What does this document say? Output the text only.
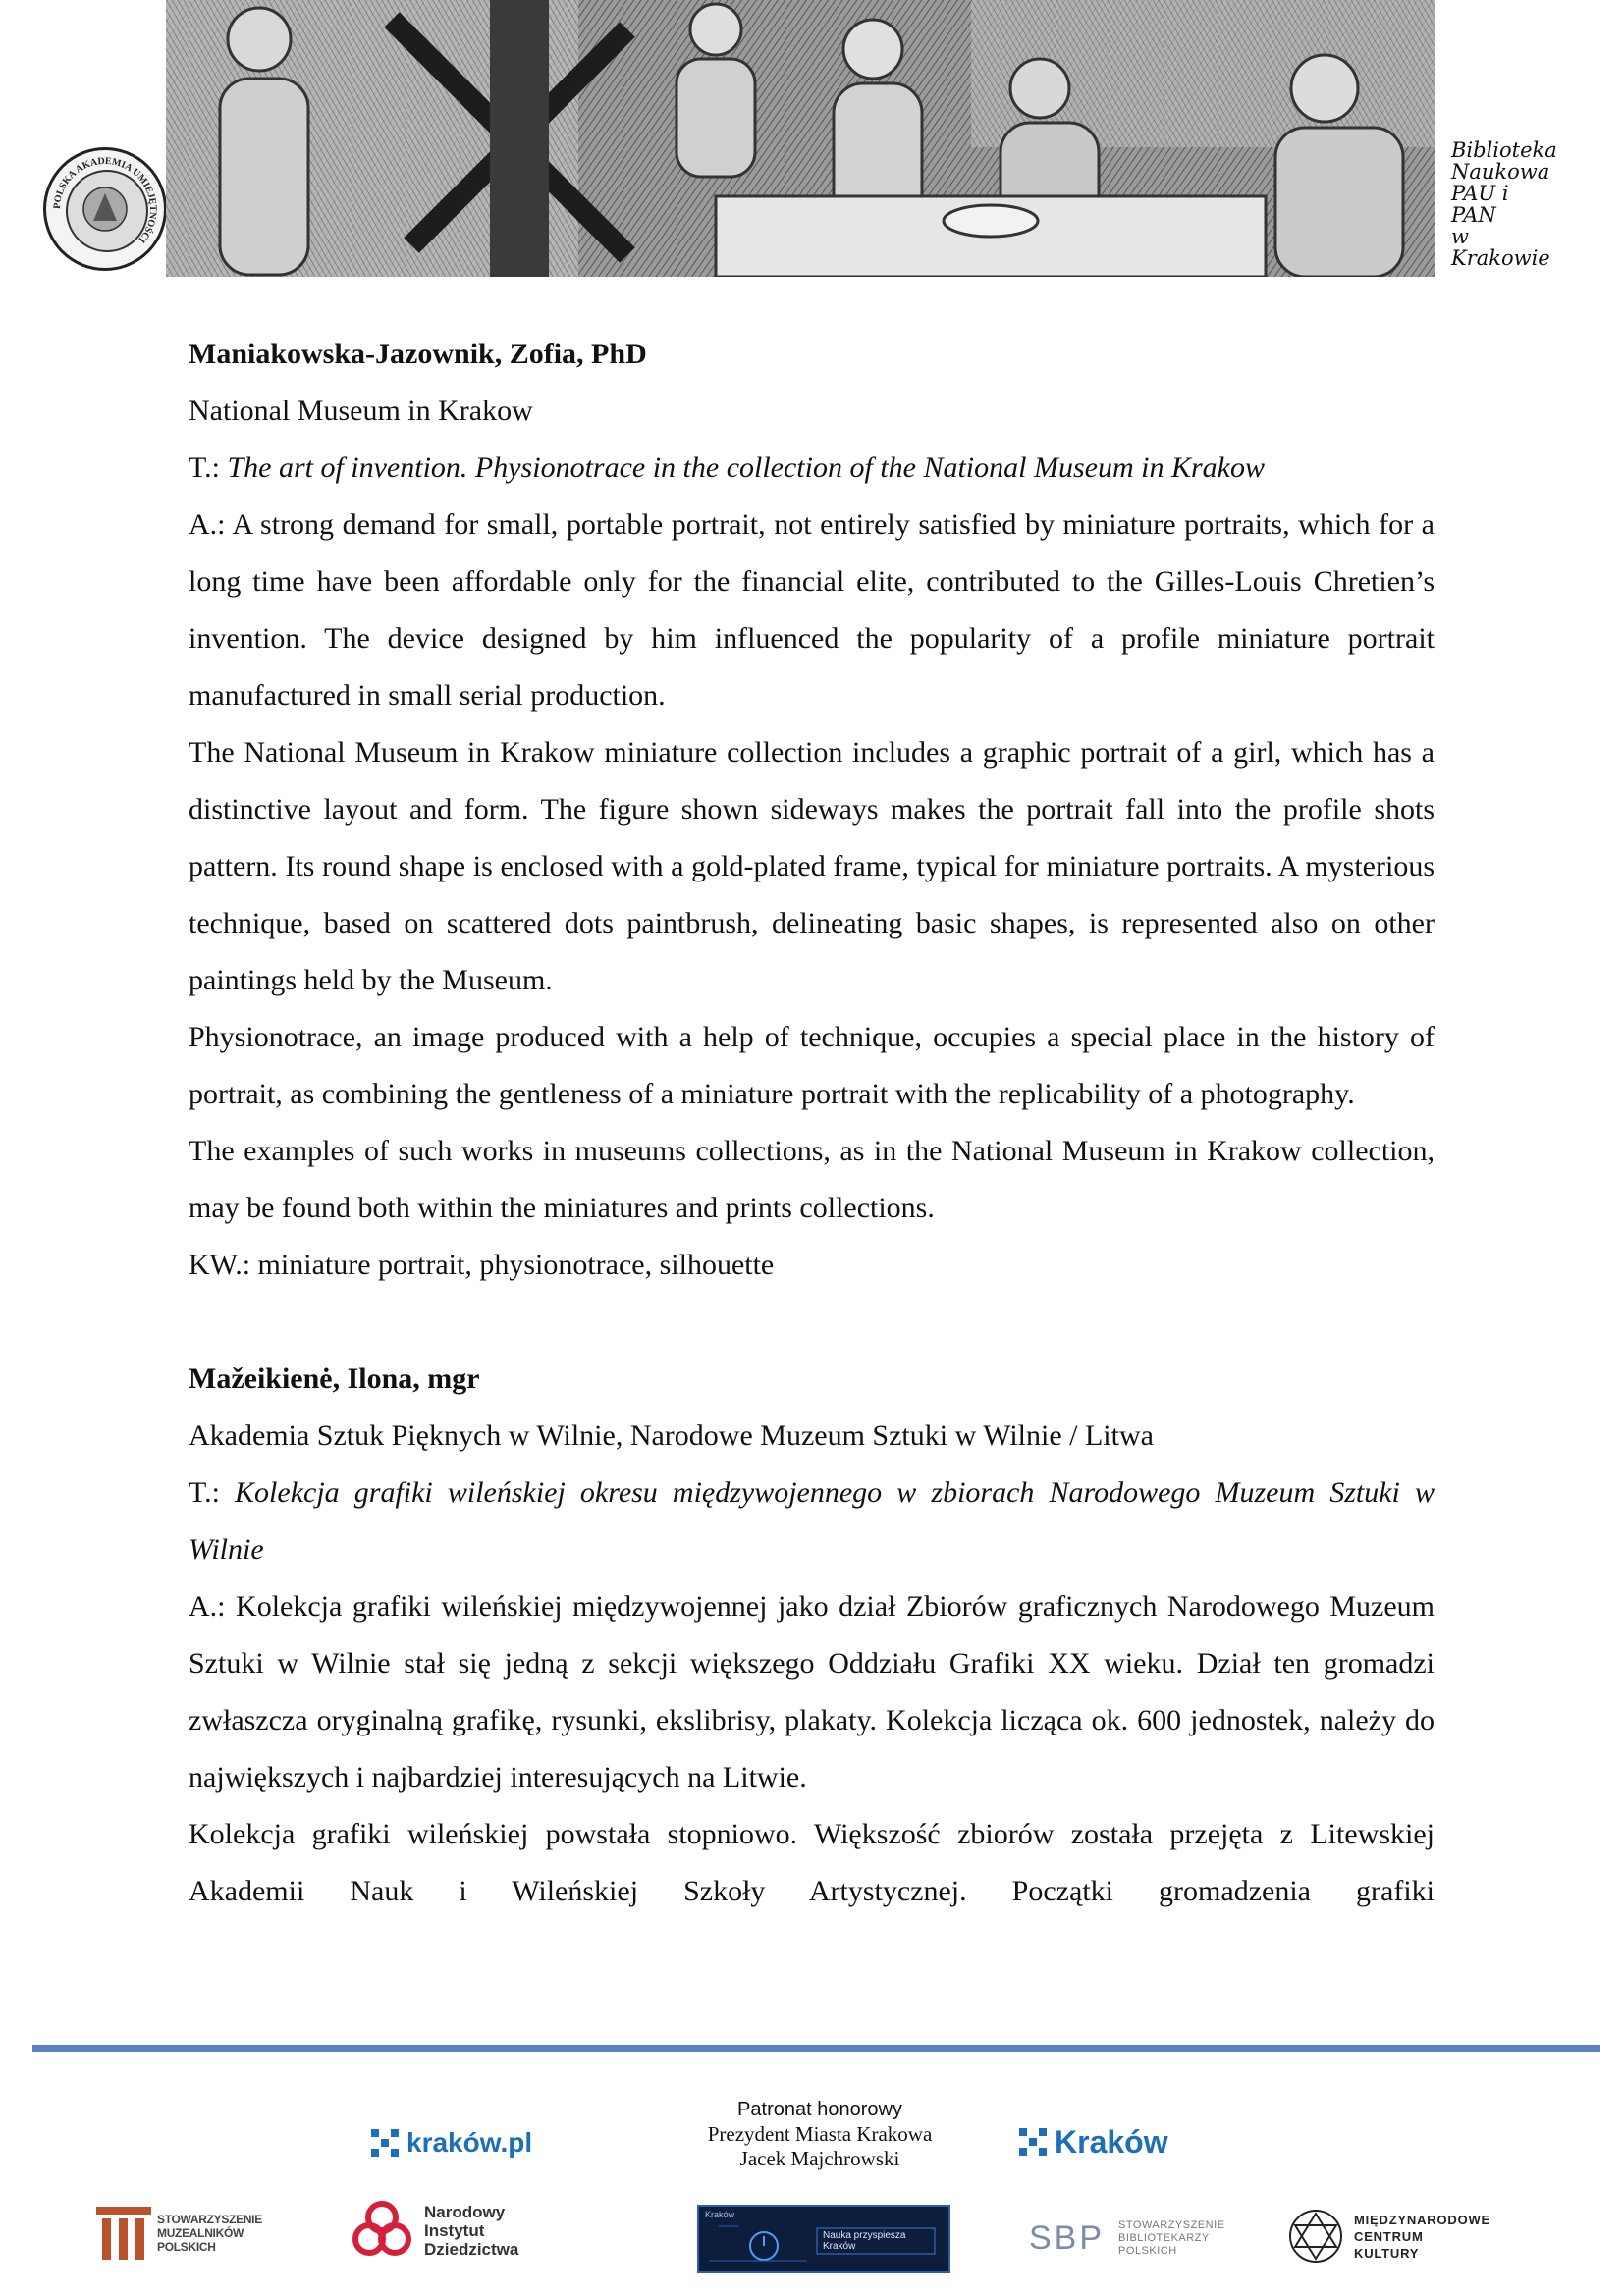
POLSKA AKADEMIA UMIEJĘTNOŚCI
Biblioteka
Naukowa
PAU i PAN
w Krakowie

Maniakowska-Jazownik, Zofia, PhD

National Museum in Krakow

T.: The art of invention. Physionotrace in the collection of the National Museum in Krakow

A.: A strong demand for small, portable portrait, not entirely satisfied by miniature portraits, which for a long time have been affordable only for the financial elite, contributed to the Gilles-Louis Chretien’s invention. The device designed by him influenced the popularity of a profile miniature portrait manufactured in small serial production.

The National Museum in Krakow miniature collection includes a graphic portrait of a girl, which has a distinctive layout and form. The figure shown sideways makes the portrait fall into the profile shots pattern. Its round shape is enclosed with a gold-plated frame, typical for miniature portraits. A mysterious technique, based on scattered dots paintbrush, delineating basic shapes, is represented also on other paintings held by the Museum.

Physionotrace, an image produced with a help of technique, occupies a special place in the history of portrait, as combining the gentleness of a miniature portrait with the replicability of a photography.

The examples of such works in museums collections, as in the National Museum in Krakow collection, may be found both within the miniatures and prints collections.

KW.: miniature portrait, physionotrace, silhouette

Mažeikienė, Ilona, mgr

Akademia Sztuk Pięknych w Wilnie, Narodowe Muzeum Sztuki w Wilnie / Litwa

T.: Kolekcja grafiki wileńskiej okresu międzywojennego w zbiorach Narodowego Muzeum Sztuki w Wilnie

A.: Kolekcja grafiki wileńskiej międzywojennej jako dział Zbiorów graficznych Narodowego Muzeum Sztuki w Wilnie stał się jedną z sekcji większego Oddziału Grafiki XX wieku. Dział ten gromadzi zwłaszcza oryginalną grafikę, rysunki, ekslibrisy, plakaty. Kolekcja licząca ok. 600 jednostek, należy do największych i najbardziej interesujących na Litwie.

Kolekcja grafiki wileńskiej powstała stopniowo. Większość zbiorów została przejęta z Litewskiej Akademii Nauk i Wileńskiej Szkoły Artystycznej. Początki gromadzenia grafiki

kraków.pl
Patronat honorowy
Prezydent Miasta Krakowa
Jacek Majchrowski	Kraków
STOWARZYSZENIE
MUZEALNIKÓW
POLSKICH
Narodowy
Instytut
Dziedzictwa
Kraków
Nauka przyspiesza
Kraków	SBP STOWARZYSZENIE
BIBLIOTEKARZY
POLSKICH
MIĘDZYNARODOWE
CENTRUM
KULTURY
